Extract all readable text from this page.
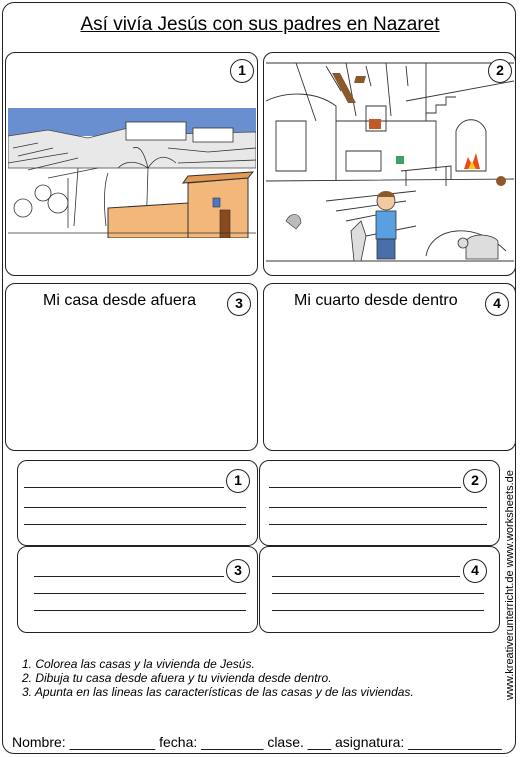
Así vivía Jesús con sus padres en Nazaret
1	2
Mi casa desde afuera	3	Mi cuarto desde dentro	4
1	2
3	4
1. Colorea las casas y la vivienda de Jesús.
2. Dibuja tu casa desde afuera y tu vivienda desde dentro.
3. Apunta en las lineas las características de las casas y de las viviendas.
Nombre: ___________ fecha: ________ clase. ___ asignatura: ____________
www.kreativerunterricht.de www.worksheets.de
